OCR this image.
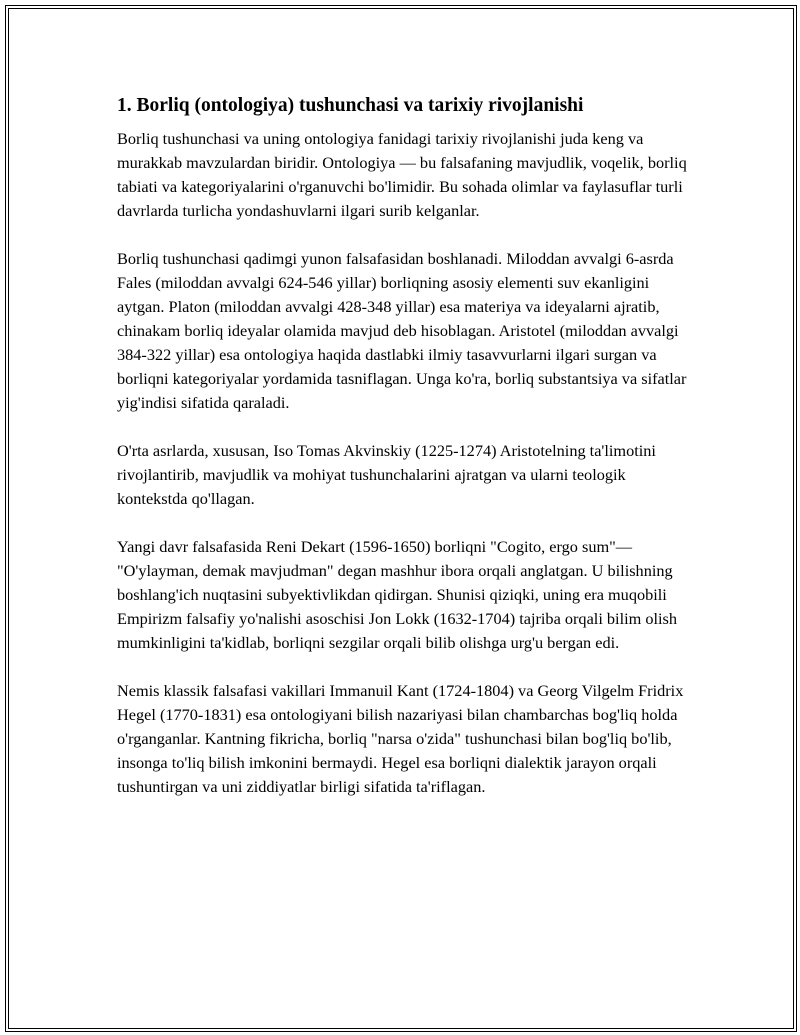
1. Borliq (ontologiya) tushunchasi va tarixiy rivojlanishi

Borliq tushunchasi va uning ontologiya fanidagi tarixiy rivojlanishi juda keng va murakkab mavzulardan biridir. Ontologiya — bu falsafaning mavjudlik, voqelik, borliq tabiati va kategoriyalarini o'rganuvchi bo'limidir. Bu sohada olimlar va faylasuflar turli davrlarda turlicha yondashuvlarni ilgari surib kelganlar.

Borliq tushunchasi qadimgi yunon falsafasidan boshlanadi. Miloddan avvalgi 6-asrda Fales (miloddan avvalgi 624-546 yillar) borliqning asosiy elementi suv ekanligini aytgan. Platon (miloddan avvalgi 428-348 yillar) esa materiya va ideyalarni ajratib, chinakam borliq ideyalar olamida mavjud deb hisoblagan. Aristotel (miloddan avvalgi 384-322 yillar) esa ontologiya haqida dastlabki ilmiy tasavvurlarni ilgari surgan va borliqni kategoriyalar yordamida tasniflagan. Unga ko'ra, borliq substantsiya va sifatlar yig'indisi sifatida qaraladi.

O'rta asrlarda, xususan, Iso Tomas Akvinskiy (1225-1274) Aristotelning ta'limotini rivojlantirib, mavjudlik va mohiyat tushunchalarini ajratgan va ularni teologik kontekstda qo'llagan.

Yangi davr falsafasida Reni Dekart (1596-1650) borliqni "Cogito, ergo sum"— "O'ylayman, demak mavjudman" degan mashhur ibora orqali anglatgan. U bilishning boshlang'ich nuqtasini subyektivlikdan qidirgan. Shunisi qiziqki, uning era muqobili Empirizm falsafiy yo'nalishi asoschisi Jon Lokk (1632-1704) tajriba orqali bilim olish mumkinligini ta'kidlab, borliqni sezgilar orqali bilib olishga urg'u bergan edi.

Nemis klassik falsafasi vakillari Immanuil Kant (1724-1804) va Georg Vilgelm Fridrix Hegel (1770-1831) esa ontologiyani bilish nazariyasi bilan chambarchas bog'liq holda o'rganganlar. Kantning fikricha, borliq "narsa o'zida" tushunchasi bilan bog'liq bo'lib, insonga to'liq bilish imkonini bermaydi. Hegel esa borliqni dialektik jarayon orqali tushuntirgan va uni ziddiyatlar birligi sifatida ta'riflagan.
